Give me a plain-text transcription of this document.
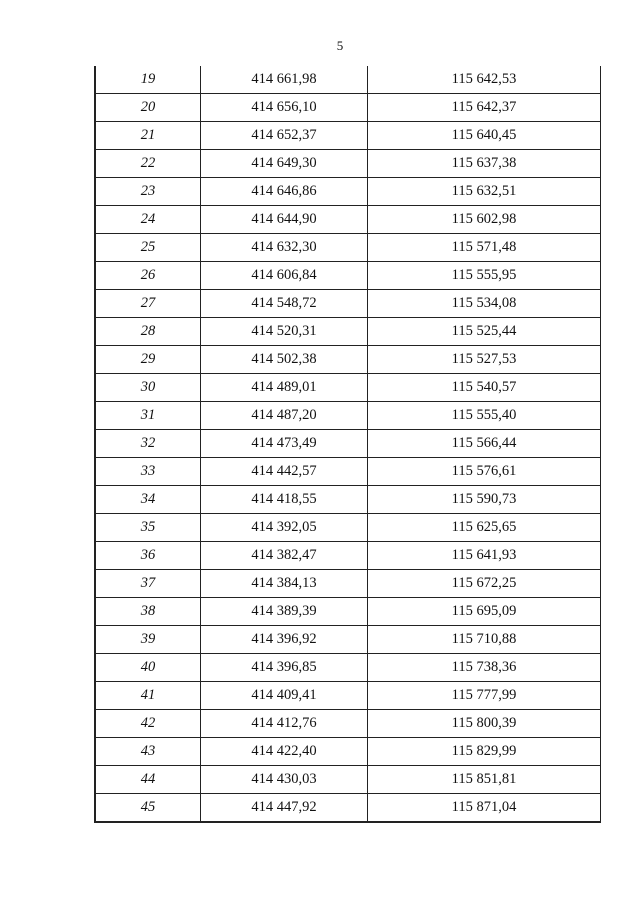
5
19	414 661,98	115 642,53
20	414 656,10	115 642,37
21	414 652,37	115 640,45
22	414 649,30	115 637,38
23	414 646,86	115 632,51
24	414 644,90	115 602,98
25	414 632,30	115 571,48
26	414 606,84	115 555,95
27	414 548,72	115 534,08
28	414 520,31	115 525,44
29	414 502,38	115 527,53
30	414 489,01	115 540,57
31	414 487,20	115 555,40
32	414 473,49	115 566,44
33	414 442,57	115 576,61
34	414 418,55	115 590,73
35	414 392,05	115 625,65
36	414 382,47	115 641,93
37	414 384,13	115 672,25
38	414 389,39	115 695,09
39	414 396,92	115 710,88
40	414 396,85	115 738,36
41	414 409,41	115 777,99
42	414 412,76	115 800,39
43	414 422,40	115 829,99
44	414 430,03	115 851,81
45	414 447,92	115 871,04
